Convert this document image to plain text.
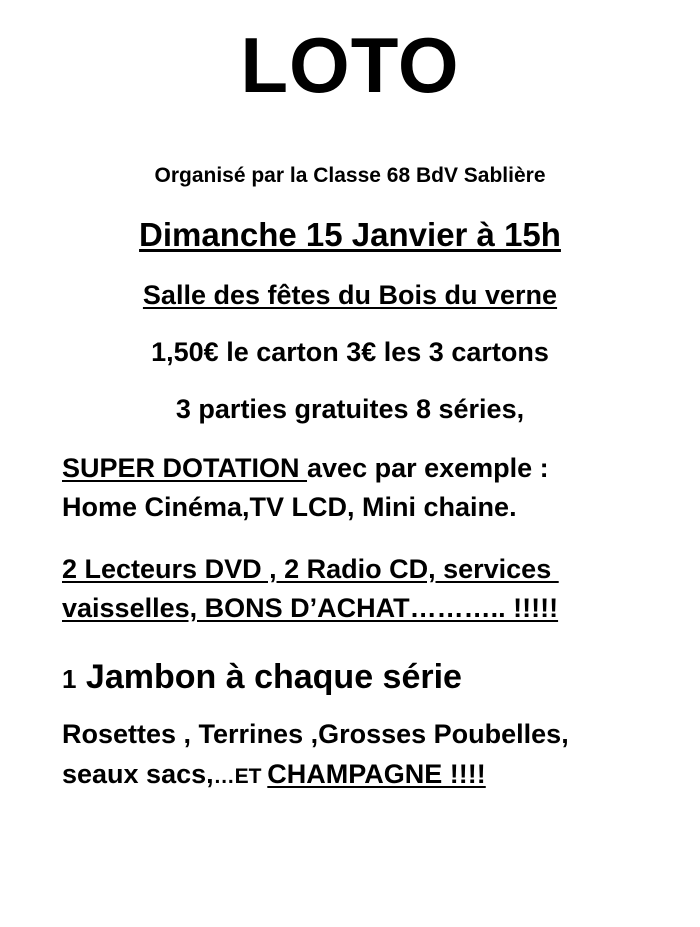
LOTO
Organisé par la Classe 68 BdV Sablière
Dimanche 15 Janvier à 15h
Salle des fêtes du Bois du verne
1,50€ le carton 3€ les 3 cartons
3 parties gratuites 8 séries,
SUPER DOTATION avec par exemple :
Home Cinéma,TV LCD, Mini chaine.
2 Lecteurs DVD , 2 Radio CD, services
vaisselles, BONS D’ACHAT……….. !!!!!
1 Jambon à chaque série
Rosettes , Terrines ,Grosses Poubelles,
seaux sacs,…ET CHAMPAGNE !!!!
